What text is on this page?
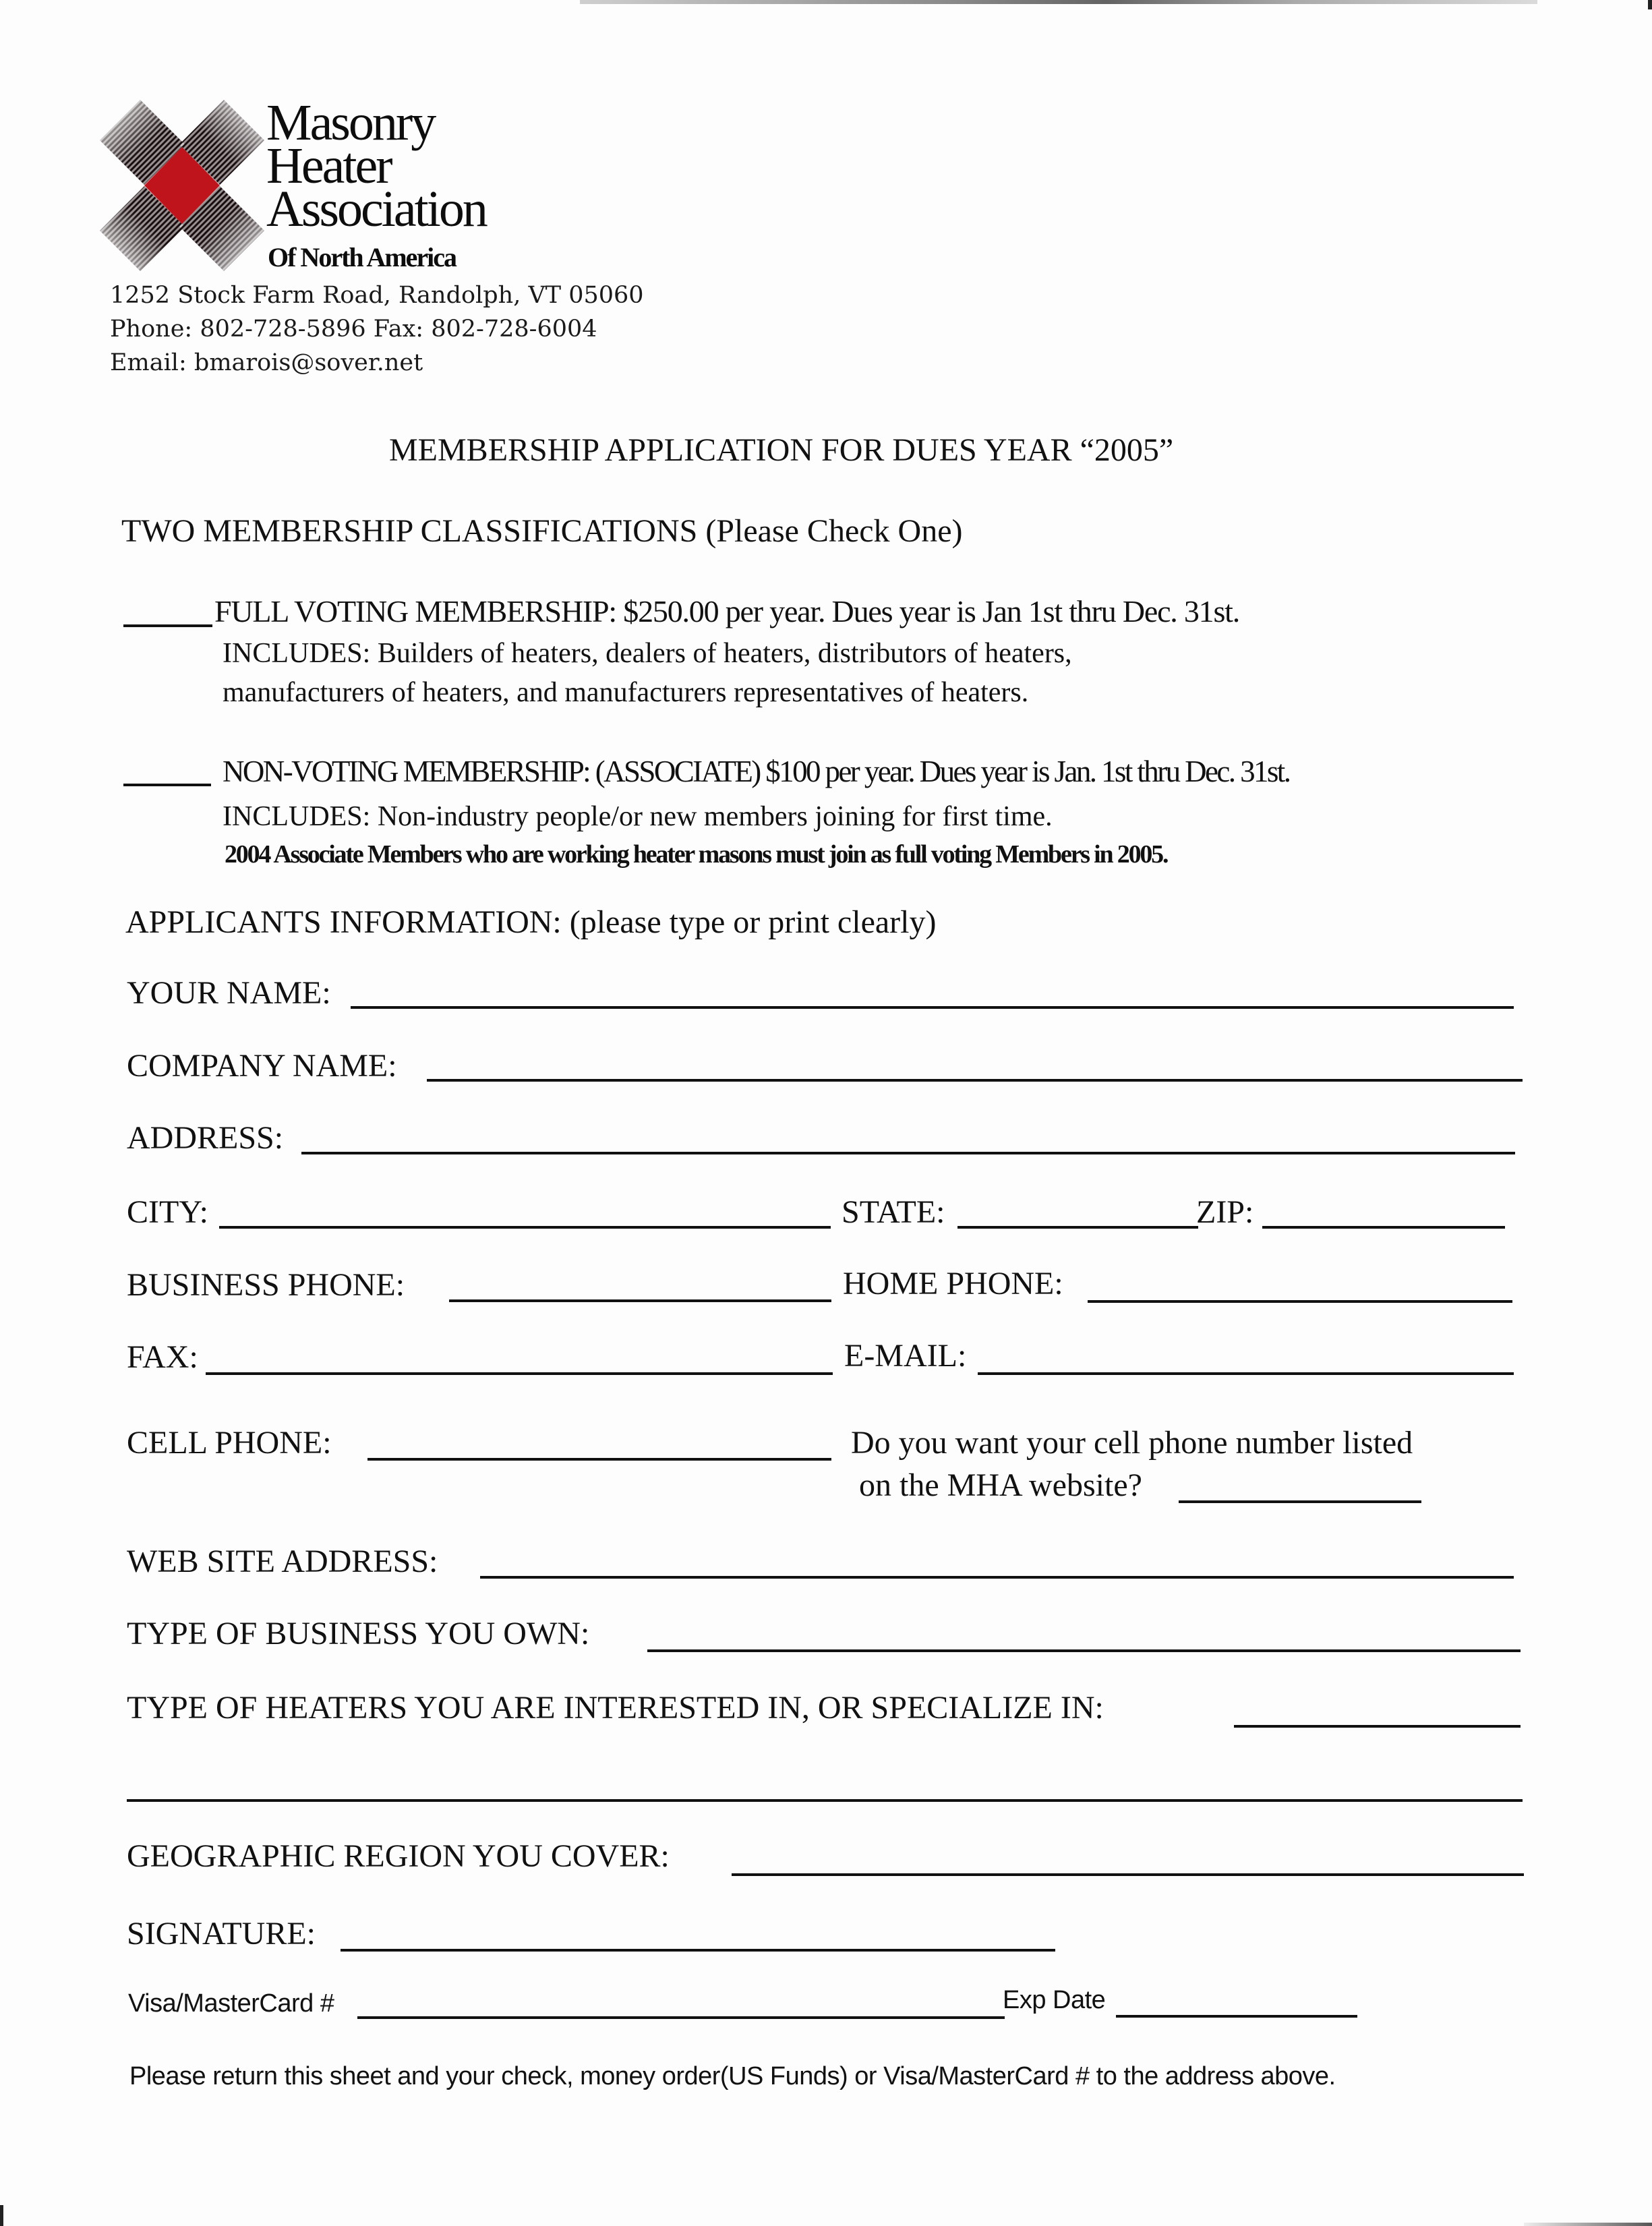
Masonry
Heater
Association
Of North America
1252 Stock Farm Road, Randolph, VT 05060
Phone: 802-728-5896 Fax: 802-728-6004
Email: bmarois@sover.net
MEMBERSHIP APPLICATION FOR DUES YEAR “2005”
TWO MEMBERSHIP CLASSIFICATIONS (Please Check One)
FULL VOTING MEMBERSHIP: $250.00 per year. Dues year is Jan 1st thru Dec. 31st.
INCLUDES: Builders of heaters, dealers of heaters, distributors of heaters,
manufacturers of heaters, and manufacturers representatives of heaters.
NON-VOTING MEMBERSHIP: (ASSOCIATE) $100 per year. Dues year is Jan. 1st thru Dec. 31st.
INCLUDES: Non-industry people/or new members joining for first time.
2004 Associate Members who are working heater masons must join as full voting Members in 2005.
APPLICANTS INFORMATION: (please type or print clearly)
YOUR NAME:
COMPANY NAME:
ADDRESS:
CITY:	STATE:	ZIP:
BUSINESS PHONE:	HOME PHONE:
FAX:	E-MAIL:
CELL PHONE:	Do you want your cell phone number listed
on the MHA website?
WEB SITE ADDRESS:
TYPE OF BUSINESS YOU OWN:
TYPE OF HEATERS YOU ARE INTERESTED IN, OR SPECIALIZE IN:
GEOGRAPHIC REGION YOU COVER:
SIGNATURE:
Visa/MasterCard #	Exp Date
Please return this sheet and your check, money order(US Funds) or Visa/MasterCard # to the address above.
